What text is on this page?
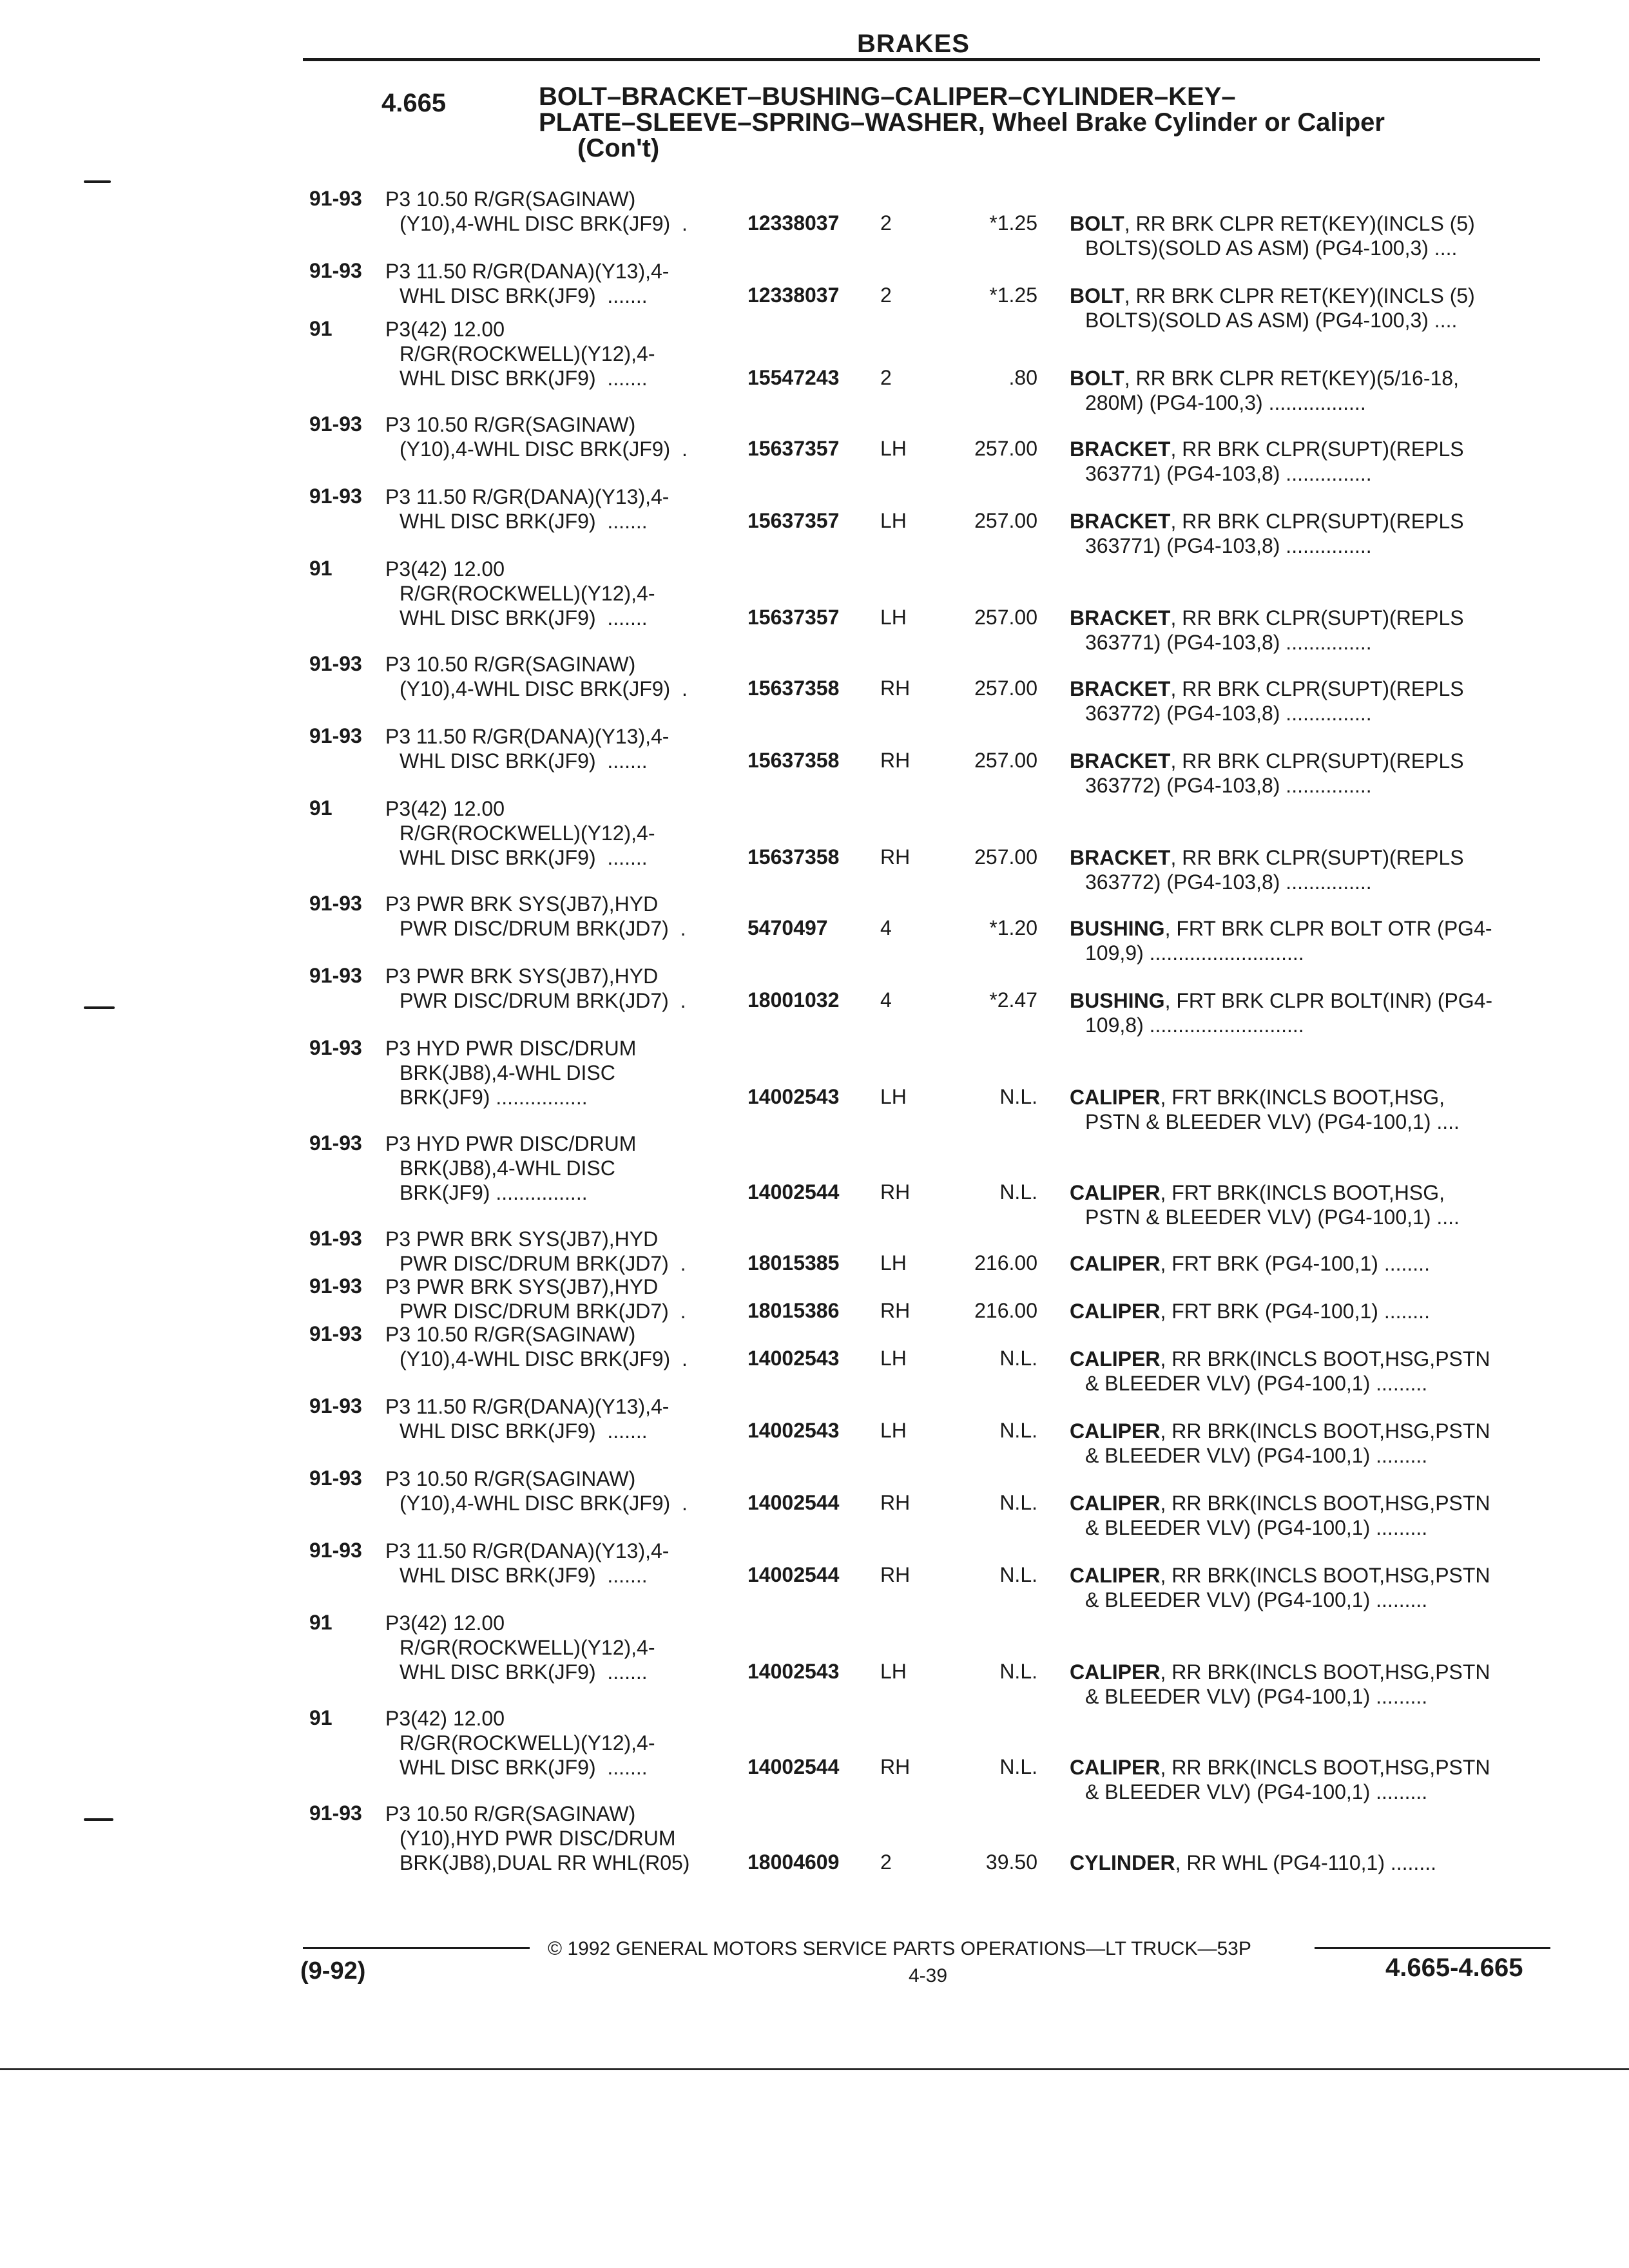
BRAKES
4.665	BOLT–BRACKET–BUSHING–CALIPER–CYLINDER–KEY–
PLATE–SLEEVE–SPRING–WASHER, Wheel Brake Cylinder or Caliper
(Con't)
91-93	P3 10.50 R/GR(SAGINAW)
(Y10),4-WHL DISC BRK(JF9)  .	12338037	2	*1.25 BOLT, RR BRK CLPR RET(KEY)(INCLS (5)
BOLTS)(SOLD AS ASM) (PG4-100,3) ....
91-93	P3 11.50 R/GR(DANA)(Y13),4-
WHL DISC BRK(JF9)  .......	12338037	2	*1.25 BOLT, RR BRK CLPR RET(KEY)(INCLS (5)
BOLTS)(SOLD AS ASM) (PG4-100,3) ....
91	P3(42) 12.00
R/GR(ROCKWELL)(Y12),4-
WHL DISC BRK(JF9)  .......	15547243	2	.80 BOLT, RR BRK CLPR RET(KEY)(5/16-18,
280M) (PG4-100,3) .................
91-93	P3 10.50 R/GR(SAGINAW)
(Y10),4-WHL DISC BRK(JF9)  .	15637357	LH	257.00 BRACKET, RR BRK CLPR(SUPT)(REPLS
363771) (PG4-103,8) ...............
91-93	P3 11.50 R/GR(DANA)(Y13),4-
WHL DISC BRK(JF9)  .......	15637357	LH	257.00 BRACKET, RR BRK CLPR(SUPT)(REPLS
363771) (PG4-103,8) ...............
91	P3(42) 12.00
R/GR(ROCKWELL)(Y12),4-
WHL DISC BRK(JF9)  .......	15637357	LH	257.00 BRACKET, RR BRK CLPR(SUPT)(REPLS
363771) (PG4-103,8) ...............
91-93	P3 10.50 R/GR(SAGINAW)
(Y10),4-WHL DISC BRK(JF9)  .	15637358	RH	257.00 BRACKET, RR BRK CLPR(SUPT)(REPLS
363772) (PG4-103,8) ...............
91-93	P3 11.50 R/GR(DANA)(Y13),4-
WHL DISC BRK(JF9)  .......	15637358	RH	257.00 BRACKET, RR BRK CLPR(SUPT)(REPLS
363772) (PG4-103,8) ...............
91	P3(42) 12.00
R/GR(ROCKWELL)(Y12),4-
WHL DISC BRK(JF9)  .......	15637358	RH	257.00 BRACKET, RR BRK CLPR(SUPT)(REPLS
363772) (PG4-103,8) ...............
91-93	P3 PWR BRK SYS(JB7),HYD
PWR DISC/DRUM BRK(JD7)  .	5470497	4	*1.20 BUSHING, FRT BRK CLPR BOLT OTR (PG4-
109,9) ...........................
91-93	P3 PWR BRK SYS(JB7),HYD
PWR DISC/DRUM BRK(JD7)  .	18001032	4	*2.47 BUSHING, FRT BRK CLPR BOLT(INR) (PG4-
109,8) ...........................
91-93	P3 HYD PWR DISC/DRUM
BRK(JB8),4-WHL DISC
BRK(JF9) ................	14002543	LH	N.L. CALIPER, FRT BRK(INCLS BOOT,HSG,
PSTN & BLEEDER VLV) (PG4-100,1) ....
91-93	P3 HYD PWR DISC/DRUM
BRK(JB8),4-WHL DISC
BRK(JF9) ................	14002544	RH	N.L. CALIPER, FRT BRK(INCLS BOOT,HSG,
PSTN & BLEEDER VLV) (PG4-100,1) ....
91-93	P3 PWR BRK SYS(JB7),HYD
PWR DISC/DRUM BRK(JD7)  .	18015385	LH	216.00 CALIPER, FRT BRK (PG4-100,1) ........
91-93	P3 PWR BRK SYS(JB7),HYD
PWR DISC/DRUM BRK(JD7)  .	18015386	RH	216.00 CALIPER, FRT BRK (PG4-100,1) ........
91-93	P3 10.50 R/GR(SAGINAW)
(Y10),4-WHL DISC BRK(JF9)  .	14002543	LH	N.L. CALIPER, RR BRK(INCLS BOOT,HSG,PSTN
& BLEEDER VLV) (PG4-100,1) .........
91-93	P3 11.50 R/GR(DANA)(Y13),4-
WHL DISC BRK(JF9)  .......	14002543	LH	N.L. CALIPER, RR BRK(INCLS BOOT,HSG,PSTN
& BLEEDER VLV) (PG4-100,1) .........
91-93	P3 10.50 R/GR(SAGINAW)
(Y10),4-WHL DISC BRK(JF9)  .	14002544	RH	N.L. CALIPER, RR BRK(INCLS BOOT,HSG,PSTN
& BLEEDER VLV) (PG4-100,1) .........
91-93	P3 11.50 R/GR(DANA)(Y13),4-
WHL DISC BRK(JF9)  .......	14002544	RH	N.L. CALIPER, RR BRK(INCLS BOOT,HSG,PSTN
& BLEEDER VLV) (PG4-100,1) .........
91	P3(42) 12.00
R/GR(ROCKWELL)(Y12),4-
WHL DISC BRK(JF9)  .......	14002543	LH	N.L. CALIPER, RR BRK(INCLS BOOT,HSG,PSTN
& BLEEDER VLV) (PG4-100,1) .........
91	P3(42) 12.00
R/GR(ROCKWELL)(Y12),4-
WHL DISC BRK(JF9)  .......	14002544	RH	N.L. CALIPER, RR BRK(INCLS BOOT,HSG,PSTN
& BLEEDER VLV) (PG4-100,1) .........
91-93	P3 10.50 R/GR(SAGINAW)
(Y10),HYD PWR DISC/DRUM
BRK(JB8),DUAL RR WHL(R05)	18004609	2	39.50 CYLINDER, RR WHL (PG4-110,1) ........
© 1992 GENERAL MOTORS SERVICE PARTS OPERATIONS—LT TRUCK—53P
4-39
(9-92)	4.665-4.665
